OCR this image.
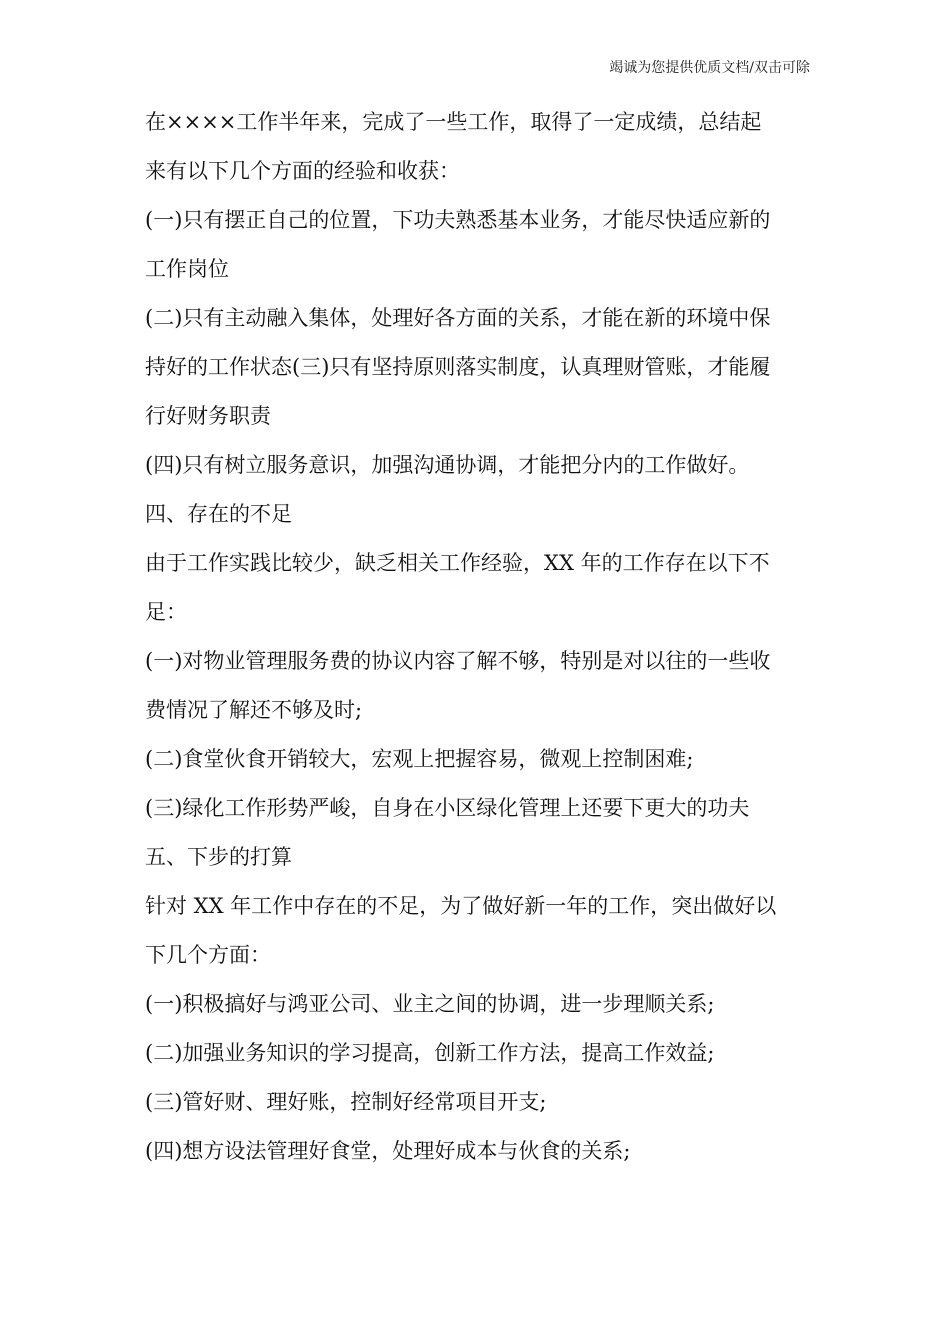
竭诚为您提供优质文档/双击可除
在××××工作半年来，完成了一些工作，取得了一定成绩，总结起
来有以下几个方面的经验和收获：
(一)只有摆正自己的位置，下功夫熟悉基本业务，才能尽快适应新的
工作岗位
(二)只有主动融入集体，处理好各方面的关系，才能在新的环境中保
持好的工作状态(三)只有坚持原则落实制度，认真理财管账，才能履
行好财务职责
(四)只有树立服务意识，加强沟通协调，才能把分内的工作做好。
四、存在的不足
由于工作实践比较少，缺乏相关工作经验，XX 年的工作存在以下不
足：
(一)对物业管理服务费的协议内容了解不够，特别是对以往的一些收
费情况了解还不够及时;
(二)食堂伙食开销较大，宏观上把握容易，微观上控制困难;
(三)绿化工作形势严峻，自身在小区绿化管理上还要下更大的功夫
五、下步的打算
针对 XX 年工作中存在的不足，为了做好新一年的工作，突出做好以
下几个方面：
(一)积极搞好与鸿亚公司、业主之间的协调，进一步理顺关系;
(二)加强业务知识的学习提高，创新工作方法，提高工作效益;
(三)管好财、理好账，控制好经常项目开支;
(四)想方设法管理好食堂，处理好成本与伙食的关系;
